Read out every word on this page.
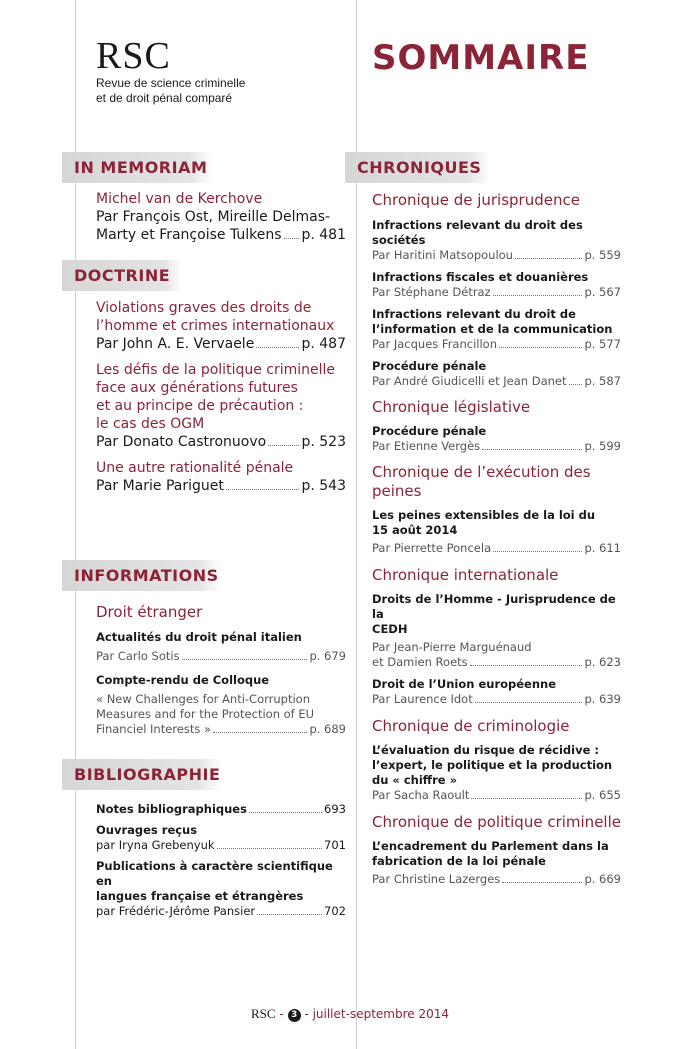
RSC
Revue de science criminelle
et de droit pénal comparé
SOMMAIRE
IN MEMORIAM
Michel van de Kerchove
Par François Ost, Mireille Delmas-
Marty et Françoise Tulkens p. 481
DOCTRINE
Violations graves des droits de
l’homme et crimes internationaux
Par John A. E. Vervaele	p. 487
Les défis de la politique criminelle
face aux générations futures
et au principe de précaution :
le cas des OGM
Par Donato Castronuovo	p. 523
Une autre rationalité pénale
Par Marie Pariguet	p. 543
INFORMATIONS
Droit étranger
Actualités du droit pénal italien
Par Carlo Sotis	p. 679
Compte-rendu de Colloque
« New Challenges for Anti-Corruption
Measures and for the Protection of EU
Financiel Interests »	p. 689
BIBLIOGRAPHIE
Notes bibliographiques	693
Ouvrages reçus
par Iryna Grebenyuk	701
Publications à caractère scientifique en
langues française et étrangères
par Frédéric-Jérôme Pansier	702
CHRONIQUES
Chronique de jurisprudence
Infractions relevant du droit des sociétés
Par Haritini Matsopoulou	p. 559
Infractions fiscales et douanières
Par Stéphane Détraz	p. 567
Infractions relevant du droit de
l’information et de la communication
Par Jacques Francillon	p. 577
Procédure pénale
Par André Giudicelli et Jean Danet p. 587
Chronique législative
Procédure pénale
Par Etienne Vergès	p. 599
Chronique de l’exécution des
peines
Les peines extensibles de la loi du
15 août 2014
Par Pierrette Poncela	p. 611
Chronique internationale
Droits de l’Homme - Jurisprudence de la
CEDH
Par Jean-Pierre Marguénaud
et Damien Roets	p. 623
Droit de l’Union européenne
Par Laurence Idot	p. 639
Chronique de criminologie
L’évaluation du risque de récidive :
l’expert, le politique et la production
du « chiffre »
Par Sacha Raoult	p. 655
Chronique de politique criminelle
L’encadrement du Parlement dans la
fabrication de la loi pénale
Par Christine Lazerges	p. 669
RSC - 3 - juillet-septembre 2014
